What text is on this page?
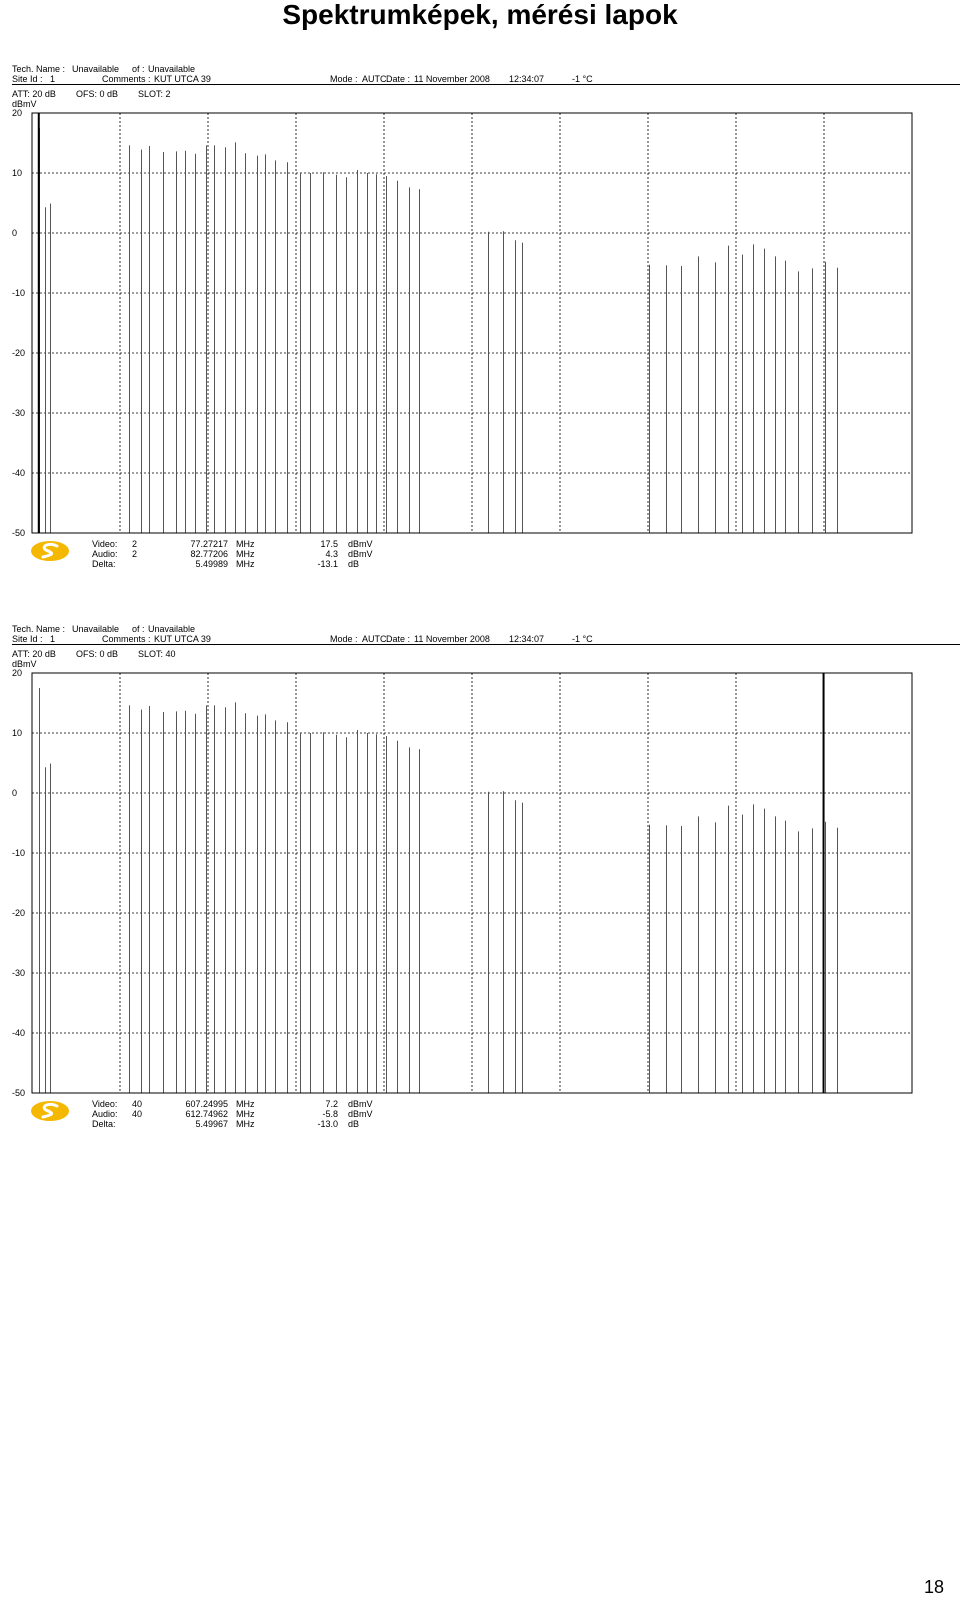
Spektrumképek, mérési lapok
Tech. Name : Unavailable of : Unavailable
Site Id : 1	Comments : KUT UTCA 39	Mode : AUTC Date : 11 November 2008 12:34:07	-1 °C
ATT: 20 dB OFS: 0 dB SLOT: 2
dBmV
20
10
0
-10
-20
-30
-40
-50
Video: 2	77.27217 MHz	17.5 dBmV
Audio: 2	82.77206 MHz	4.3 dBmV
Delta:	5.49989 MHz	-13.1 dB
Tech. Name : Unavailable of : Unavailable
Site Id : 1	Comments : KUT UTCA 39	Mode : AUTC Date : 11 November 2008 12:34:07	-1 °C
ATT: 20 dB OFS: 0 dB SLOT: 40
dBmV
20
10
0
-10
-20
-30
-40
-50
Video: 40	607.24995 MHz	7.2 dBmV
Audio: 40	612.74962 MHz	-5.8 dBmV
Delta:	5.49967 MHz	-13.0 dB
18
